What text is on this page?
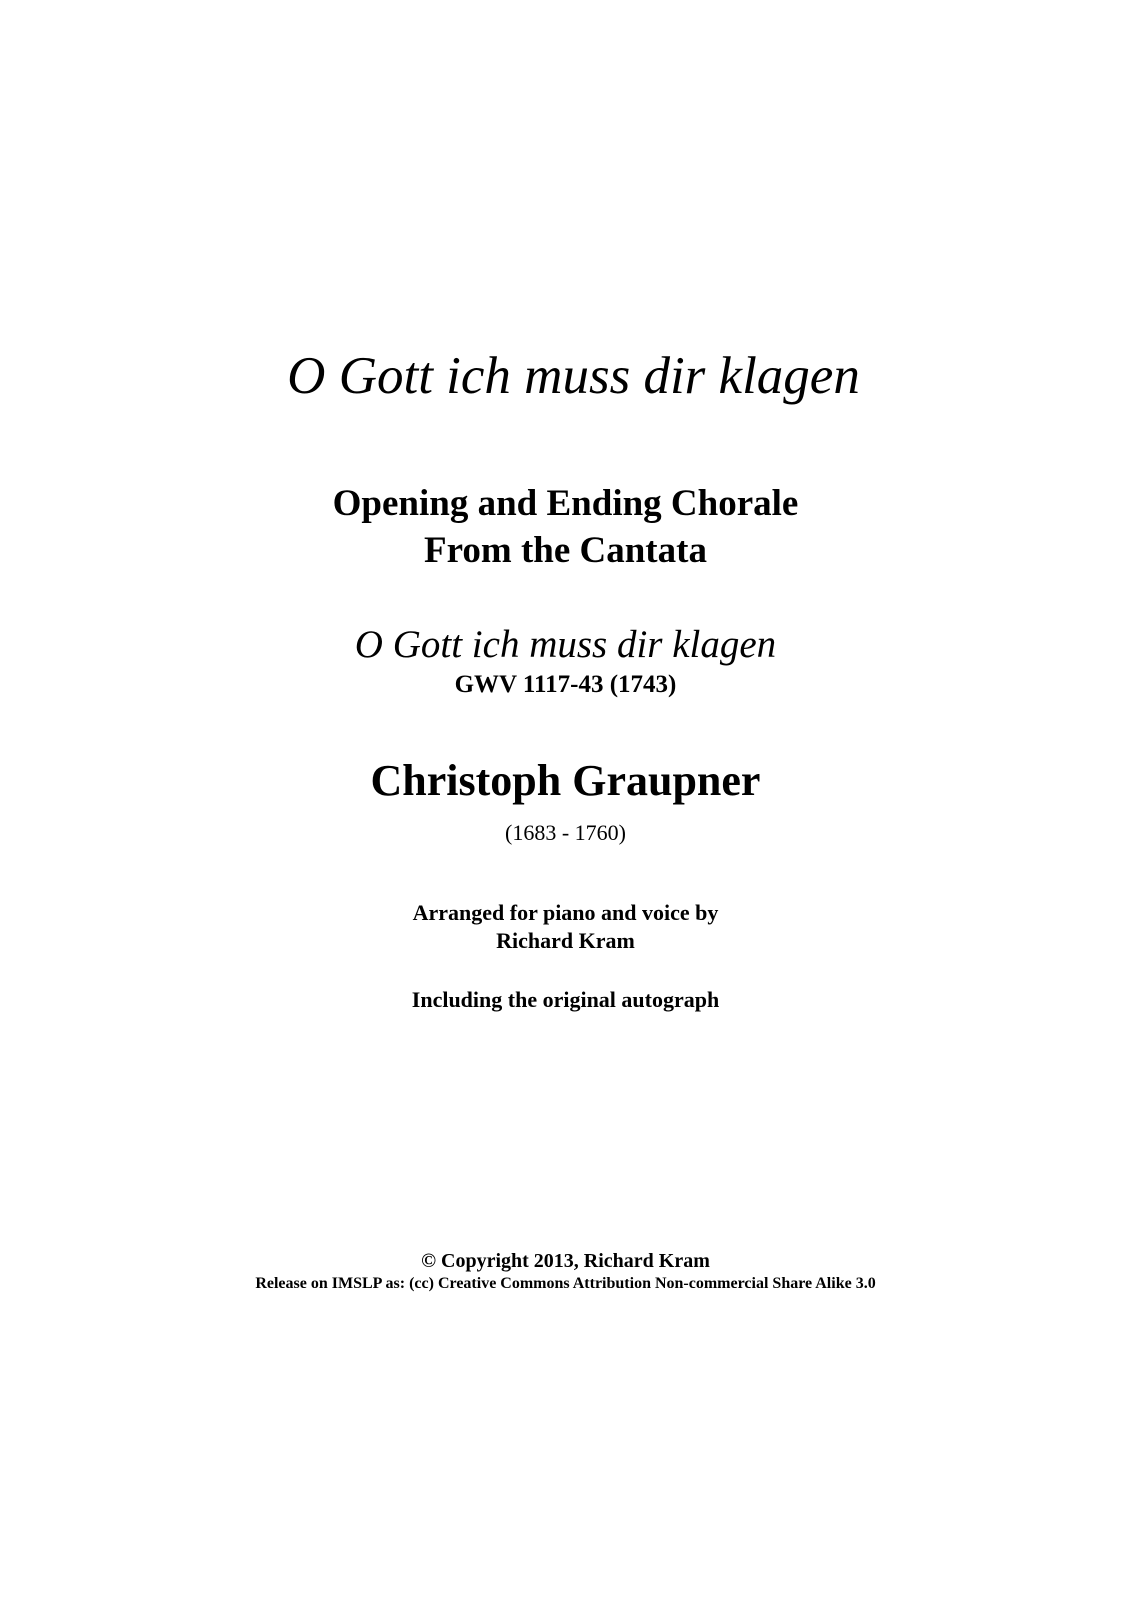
O Gott ich muss dir klagen
Opening and Ending Chorale
From the Cantata
O Gott ich muss dir klagen
GWV 1117-43 (1743)
Christoph Graupner
(1683 - 1760)
Arranged for piano and voice by
Richard Kram
Including the original autograph
© Copyright 2013, Richard Kram
Release on IMSLP as: (cc) Creative Commons Attribution Non-commercial Share Alike 3.0
